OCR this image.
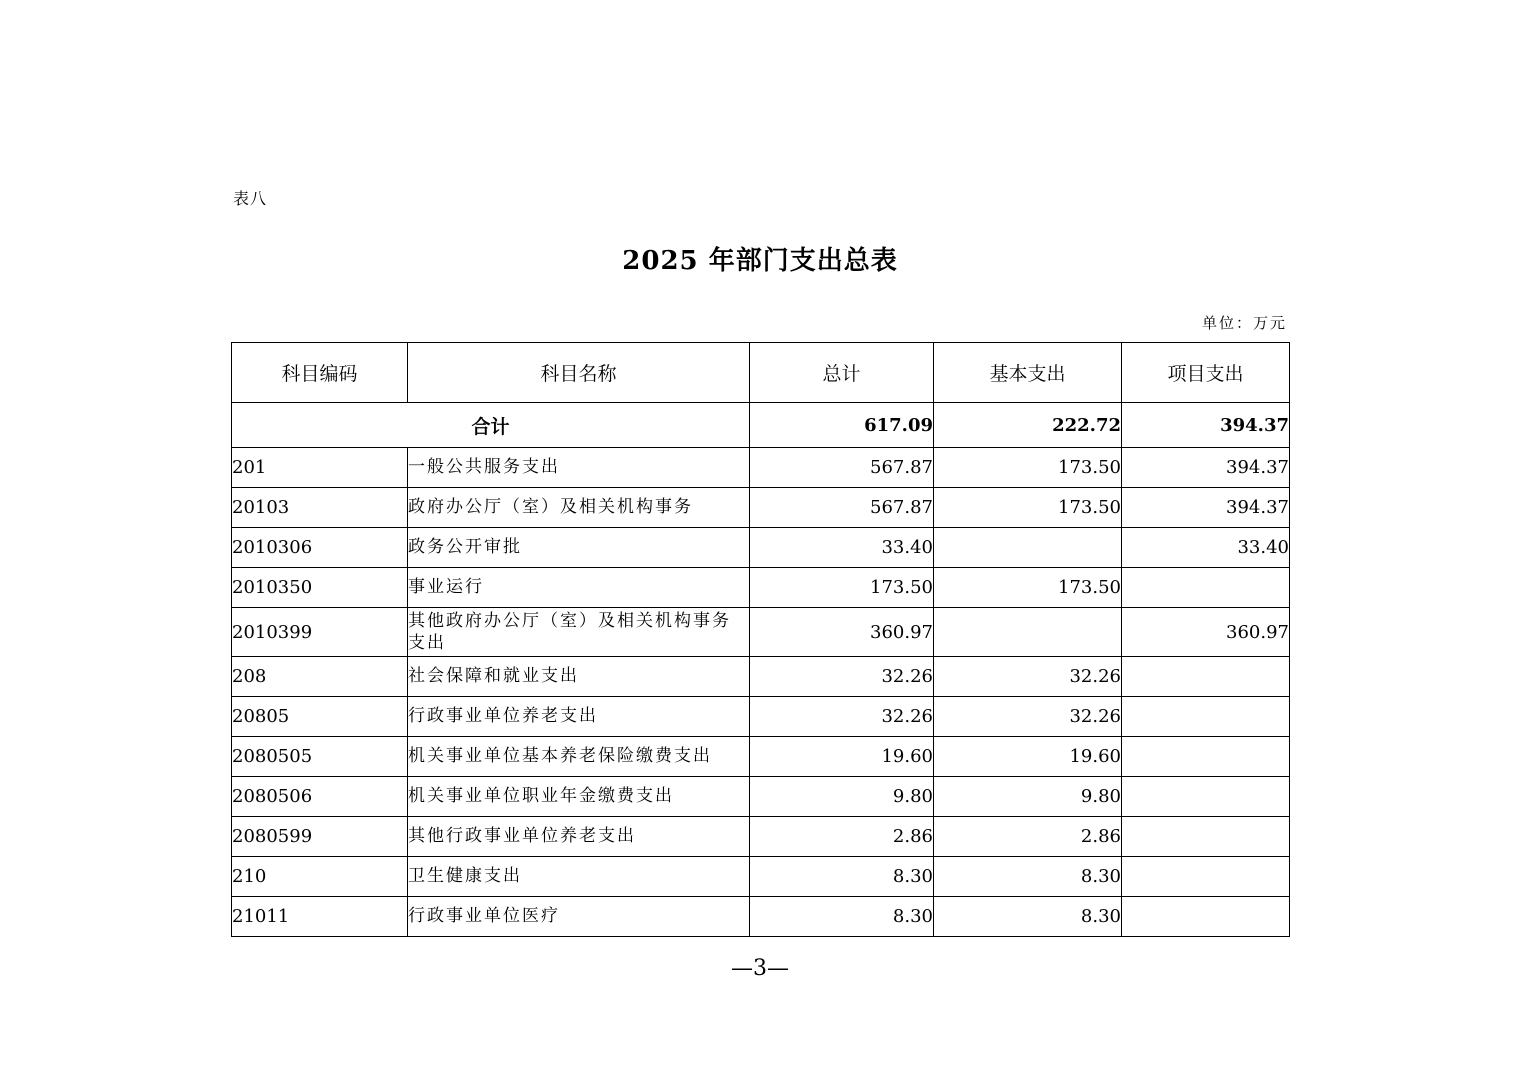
表八
2025 年部门支出总表
单位：万元
科目编码	科目名称	总计	基本支出	项目支出
合计		617.09	222.72	394.37
201	一般公共服务支出	567.87	173.50	394.37
20103	政府办公厅（室）及相关机构事务	567.87	173.50	394.37
2010306	政务公开审批	33.40		33.40
2010350	事业运行	173.50	173.50	
2010399	其他政府办公厅（室）及相关机构事务支出	360.97		360.97
208	社会保障和就业支出	32.26	32.26	
20805	行政事业单位养老支出	32.26	32.26	
2080505	机关事业单位基本养老保险缴费支出	19.60	19.60	
2080506	机关事业单位职业年金缴费支出	9.80	9.80	
2080599	其他行政事业单位养老支出	2.86	2.86	
210	卫生健康支出	8.30	8.30	
21011	行政事业单位医疗	8.30	8.30	
—3—
